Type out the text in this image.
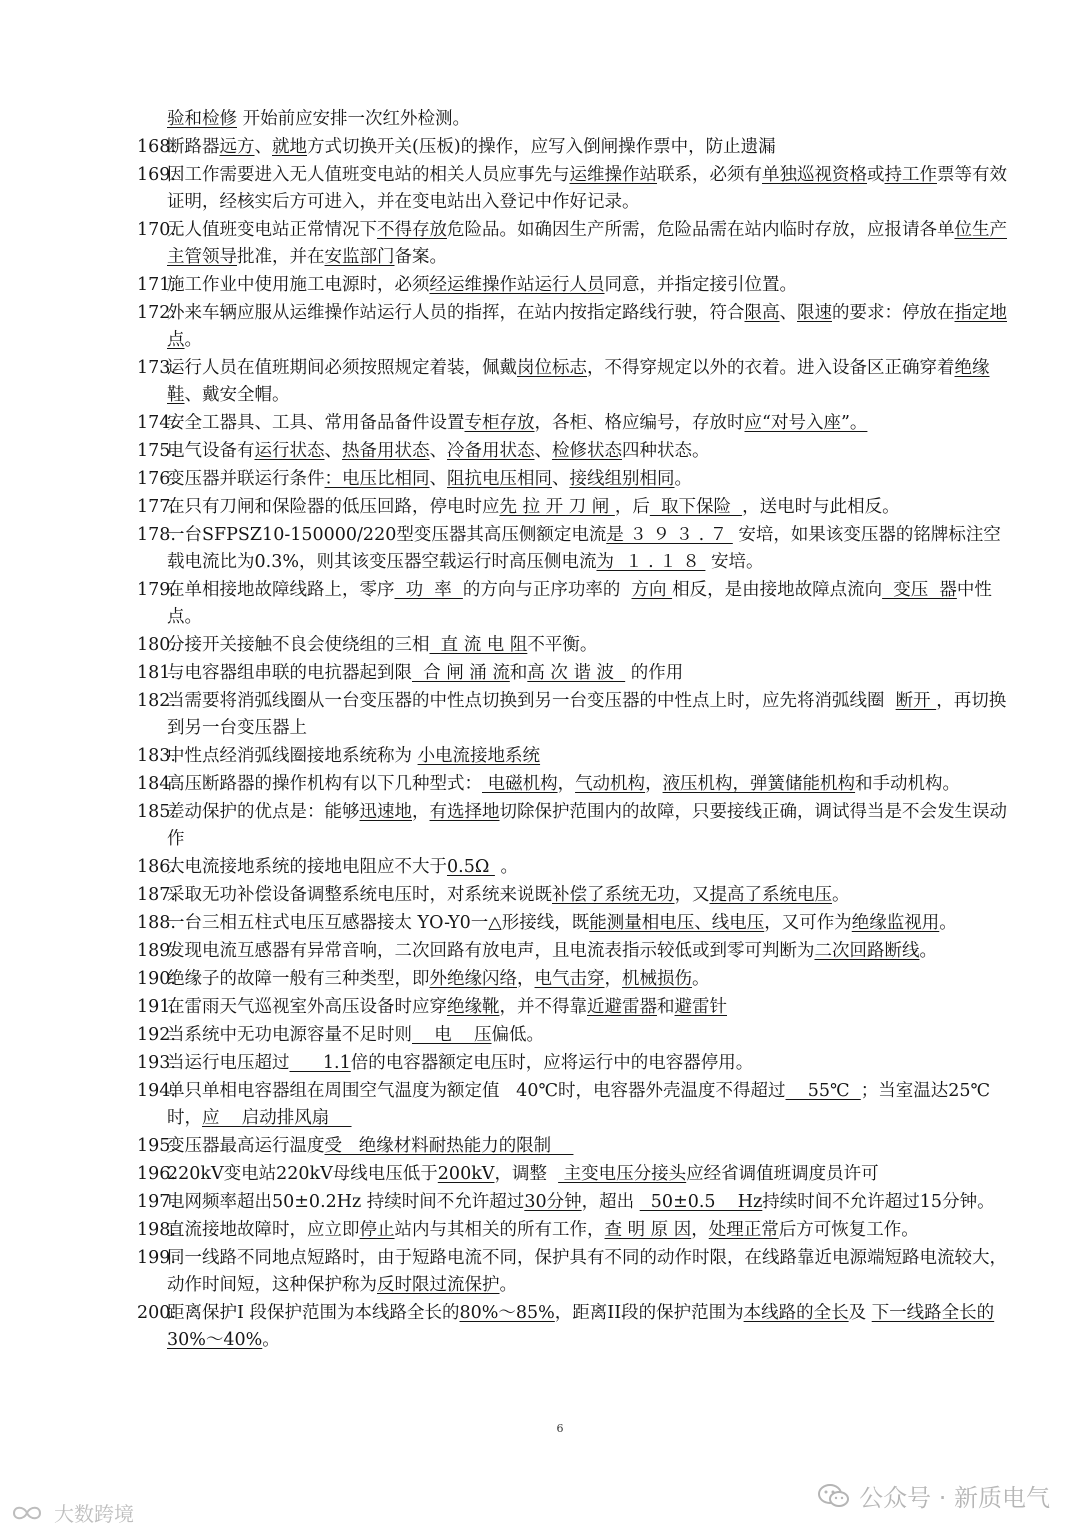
验和检修 开始前应安排一次红外检测。
168.
断路器远方、就地方式切换开关(压板)的操作，应写入倒闸操作票中，防止遗漏
169.
因工作需要进入无人值班变电站的相关人员应事先与运维操作站联系，必须有单独巡视资格或持工作票等有效证明，经核实后方可进入，并在变电站出入登记中作好记录。
170.
无人值班变电站正常情况下不得存放危险品。如确因生产所需，危险品需在站内临时存放，应报请各单位生产主管领导批准，并在安监部门备案。
171.
施工作业中使用施工电源时，必须经运维操作站运行人员同意，并指定接引位置。
172.
外来车辆应服从运维操作站运行人员的指挥，在站内按指定路线行驶，符合限高、限速的要求：停放在指定地点。
173.
运行人员在值班期间必须按照规定着装，佩戴岗位标志，不得穿规定以外的衣着。进入设备区正确穿着绝缘鞋、戴安全帽。
174.
安全工器具、工具、常用备品备件设置专柜存放，各柜、格应编号，存放时应“对号入座”。
175.
电气设备有运行状态、热备用状态、冷备用状态、检修状态四种状态。
176.
变压器并联运行条件：电压比相同、阻抗电压相同、接线组别相同。
177.
在只有刀闸和保险器的低压回路，停电时应先 拉 开 刀 闸 ，后  取下保险  ，送电时与此相反。
178.
一台SFPSZ10-150000/220型变压器其高压侧额定电流是 ３ ９ ３ . ７  安培，如果该变压器的铭牌标注空载电流比为0.3%，则其该变压器空载运行时高压侧电流为  １ . １ ８  安培。
179.
在单相接地故障线路上，零序  功  率  的方向与正序功率的  方向 相反，是由接地故障点流向  变压  器中性点。
180.
分接开关接触不良会使绕组的三相  直 流 电 阻不平衡。
181.
与电容器组串联的电抗器起到限  合 闸 涌 流和高 次 谐 波   的作用
182.
当需要将消弧线圈从一台变压器的中性点切换到另一台变压器的中性点上时，应先将消弧线圈  断开 ，再切换到另一台变压器上
183.
中性点经消弧线圈接地系统称为 小电流接地系统
184.
高压断路器的操作机构有以下几种型式： 电磁机构，气动机构，液压机构，弹簧储能机构和手动机构。
185.
差动保护的优点是：能够迅速地，有选择地切除保护范围内的故障，只要接线正确，调试得当是不会发生误动作
186.
大电流接地系统的接地电阻应不大于0.5Ω  。
187.
采取无功补偿设备调整系统电压时，对系统来说既补偿了系统无功，又提高了系统电压。
188.
一台三相五柱式电压互感器接太 YO-Y0一△形接线，既能测量相电压、线电压，又可作为绝缘监视用。
189.
发现电流互感器有异常音响，二次回路有放电声，且电流表指示较低或到零可判断为二次回路断线。
190.
绝缘子的故障一般有三种类型，即外绝缘闪络，电气击穿，机械损伤。
191.
在雷雨天气巡视室外高压设备时应穿绝缘靴，并不得靠近避雷器和避雷针
192.
当系统中无功电源容量不足时则    电    压偏低。
193.
当运行电压超过      1.1倍的电容器额定电压时，应将运行中的电容器停用。
194.
单只单相电容器组在周围空气温度为额定值   40℃时，电容器外壳温度不得超过    55℃  ；当室温达25℃时，应    启动排风扇
195.
变压器最高运行温度受   绝缘材料耐热能力的限制
196.
220kV变电站220kV母线电压低于200kV，调整   主变电压分接头应经省调值班调度员许可
197.
电网频率超出50±0.2Hz 持续时间不允许超过30分钟，超出   50±0.5    Hz持续时间不允许超过15分钟。
198.
直流接地故障时，应立即停止站内与其相关的所有工作，查 明 原 因，处理正常后方可恢复工作。
199.
同一线路不同地点短路时，由于短路电流不同，保护具有不同的动作时限，在线路靠近电源端短路电流较大，动作时间短，这种保护称为反时限过流保护。
200.
距离保护I 段保护范围为本线路全长的80%～85%，距离II段的保护范围为本线路的全长及 下一线路全长的30%～40%。
6
公众号 · 新质电气
大数跨境
